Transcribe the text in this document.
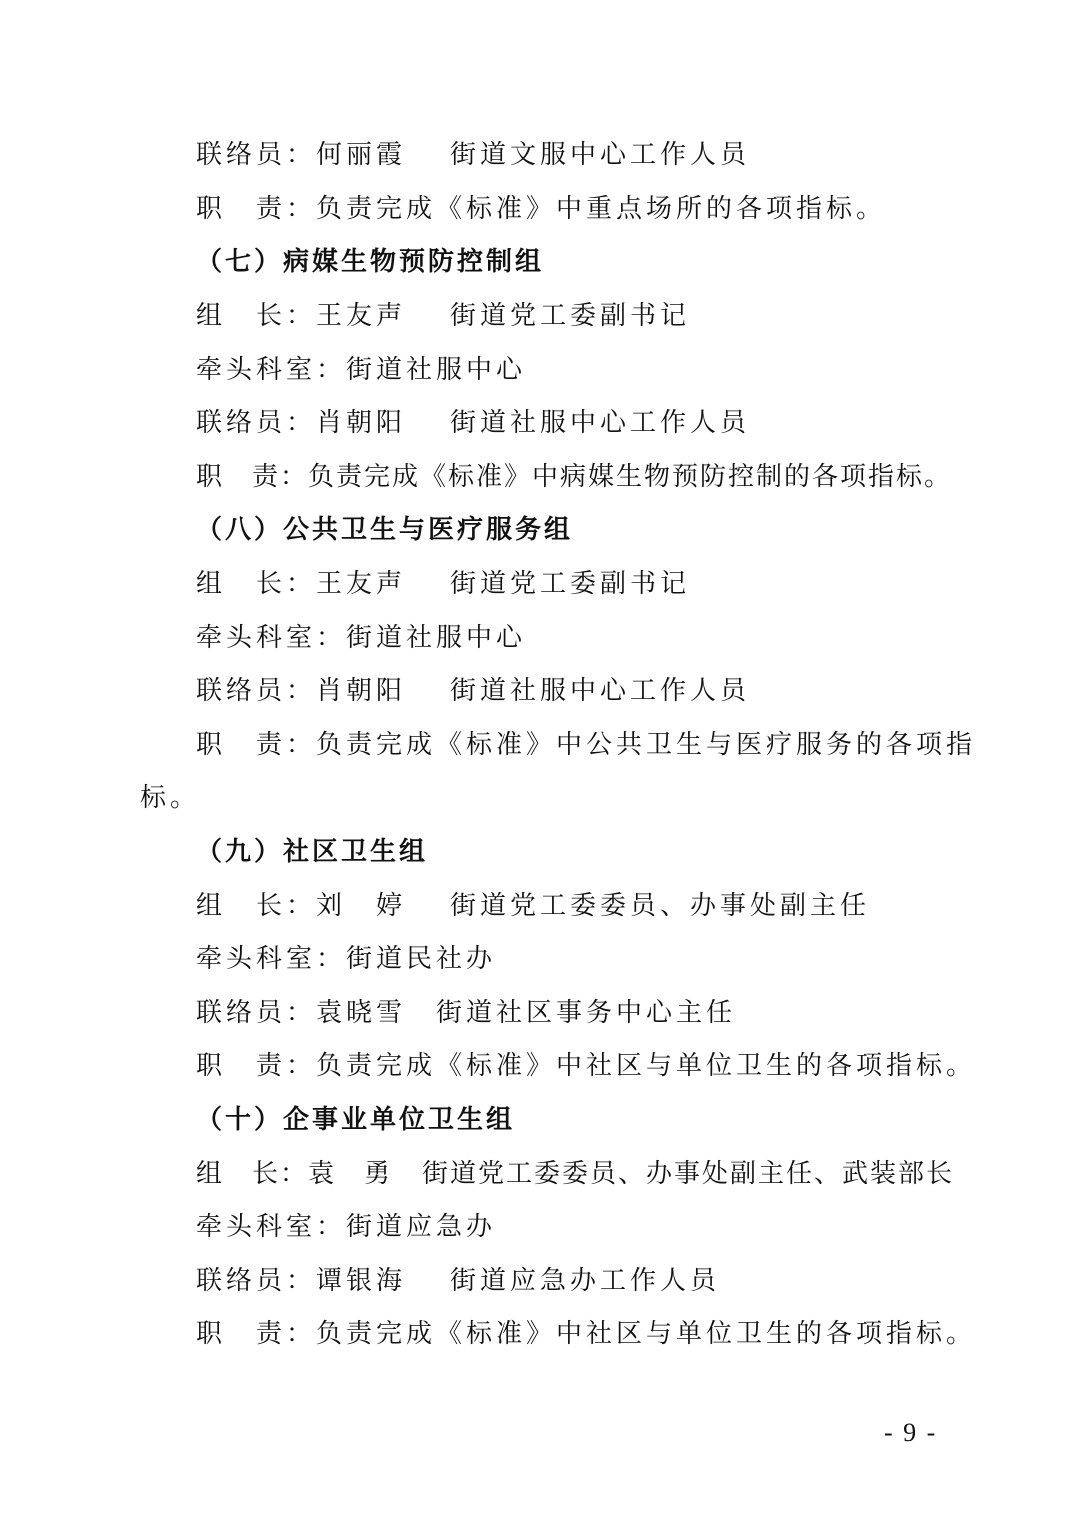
联络员：何丽霞 街道文服中心工作人员
职　责：负责完成《标准》中重点场所的各项指标。
（七）病媒生物预防控制组
组　长：王友声 街道党工委副书记
牵头科室：街道社服中心
联络员：肖朝阳 街道社服中心工作人员
职　责：负责完成《标准》中病媒生物预防控制的各项指标。
（八）公共卫生与医疗服务组
组　长：王友声 街道党工委副书记
牵头科室：街道社服中心
联络员：肖朝阳 街道社服中心工作人员
职　责：负责完成《标准》中公共卫生与医疗服务的各项指
标。
（九）社区卫生组
组　长：刘　婷 街道党工委委员、办事处副主任
牵头科室：街道民社办
联络员：袁晓雪 街道社区事务中心主任
职　责：负责完成《标准》中社区与单位卫生的各项指标。
（十）企事业单位卫生组
组　长：袁　勇 街道党工委委员、办事处副主任、武装部长
牵头科室：街道应急办
联络员：谭银海 街道应急办工作人员
职　责：负责完成《标准》中社区与单位卫生的各项指标。
- 9 -
